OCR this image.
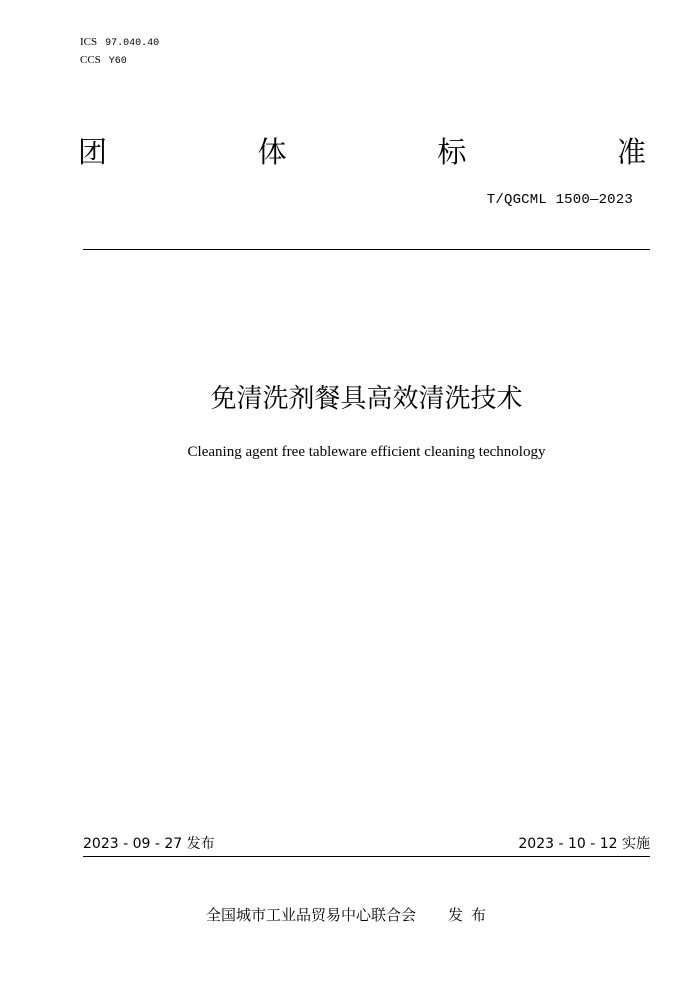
ICS 97.040.40
CCS Y60
团	体	标	准
T/QGCML 1500—2023
免清洗剂餐具高效清洗技术
Cleaning agent free tableware efficient cleaning technology
2023 - 09 - 27 发布	2023 - 10 - 12 实施
全国城市工业品贸易中心联合会 发布
